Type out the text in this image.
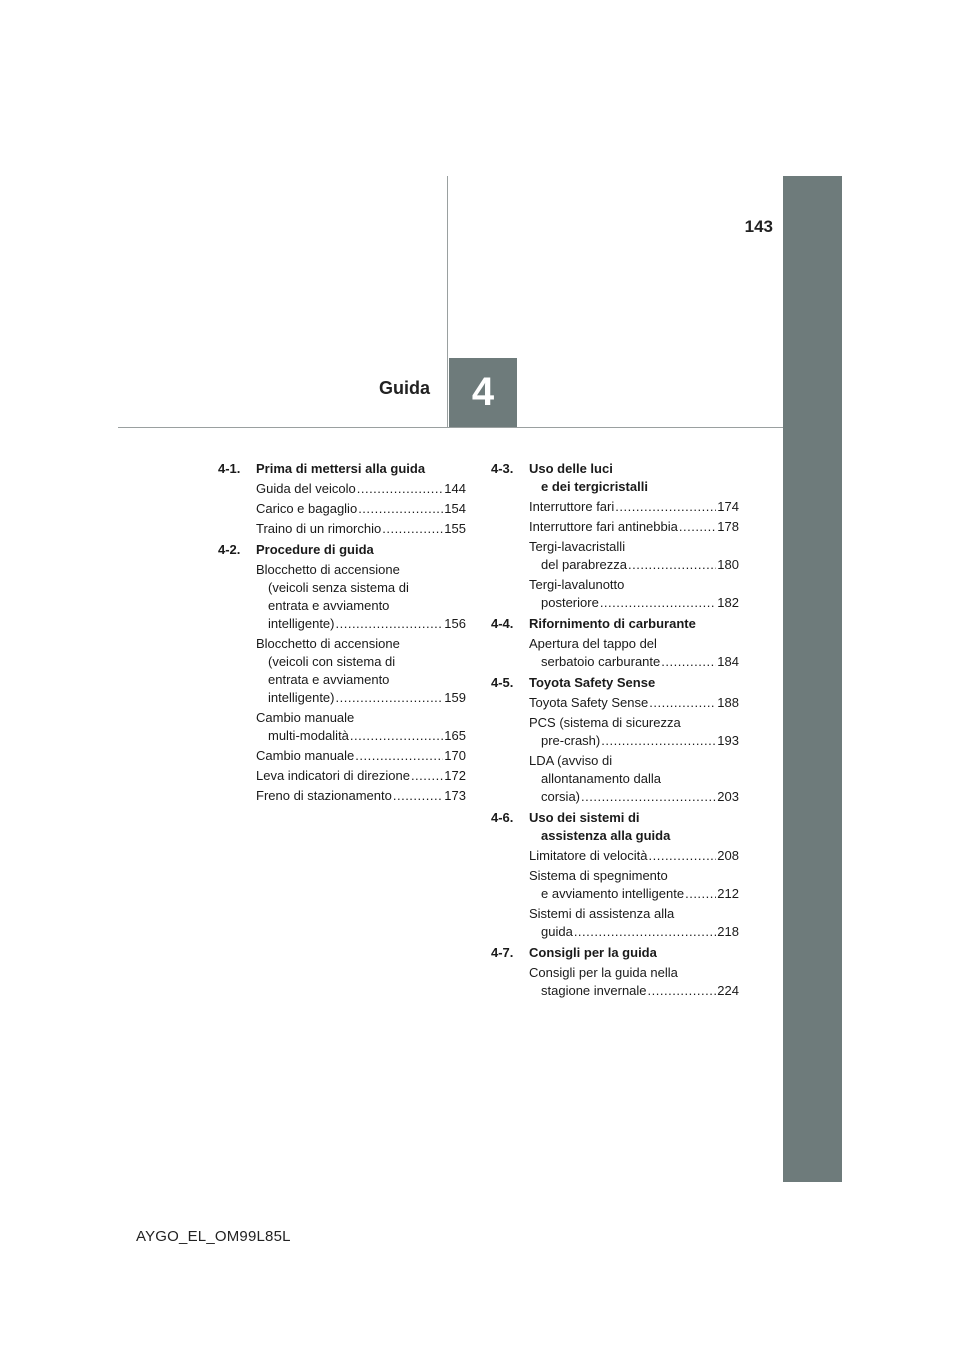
143
Guida 4
4-1. Prima di mettersi alla guida
Guida del veicolo .....	144
Carico e bagaglio .....	154
Traino di un rimorchio .....	155
4-2. Procedure di guida
Blocchetto di accensione
(veicoli senza sistema di
entrata e avviamento
intelligente) .....	156
Blocchetto di accensione
(veicoli con sistema di
entrata e avviamento
intelligente) .....	159
Cambio manuale
multi-modalità .....	165
Cambio manuale .....	170
Leva indicatori di direzione .....	172
Freno di stazionamento .....	173
4-3. Uso delle luci
e dei tergicristalli
Interruttore fari .....	174
Interruttore fari antinebbia .....	178
Tergi-lavacristalli
del parabrezza .....	180
Tergi-lavalunotto
posteriore .....	182
4-4. Rifornimento di carburante
Apertura del tappo del
serbatoio carburante .....	184
4-5. Toyota Safety Sense
Toyota Safety Sense .....	188
PCS (sistema di sicurezza
pre-crash) .....	193
LDA (avviso di
allontanamento dalla
corsia) .....	203
4-6. Uso dei sistemi di
assistenza alla guida
Limitatore di velocità .....	208
Sistema di spegnimento
e avviamento intelligente .....	212
Sistemi di assistenza alla
guida .....	218
4-7. Consigli per la guida
Consigli per la guida nella
stagione invernale .....	224
AYGO_EL_OM99L85L
